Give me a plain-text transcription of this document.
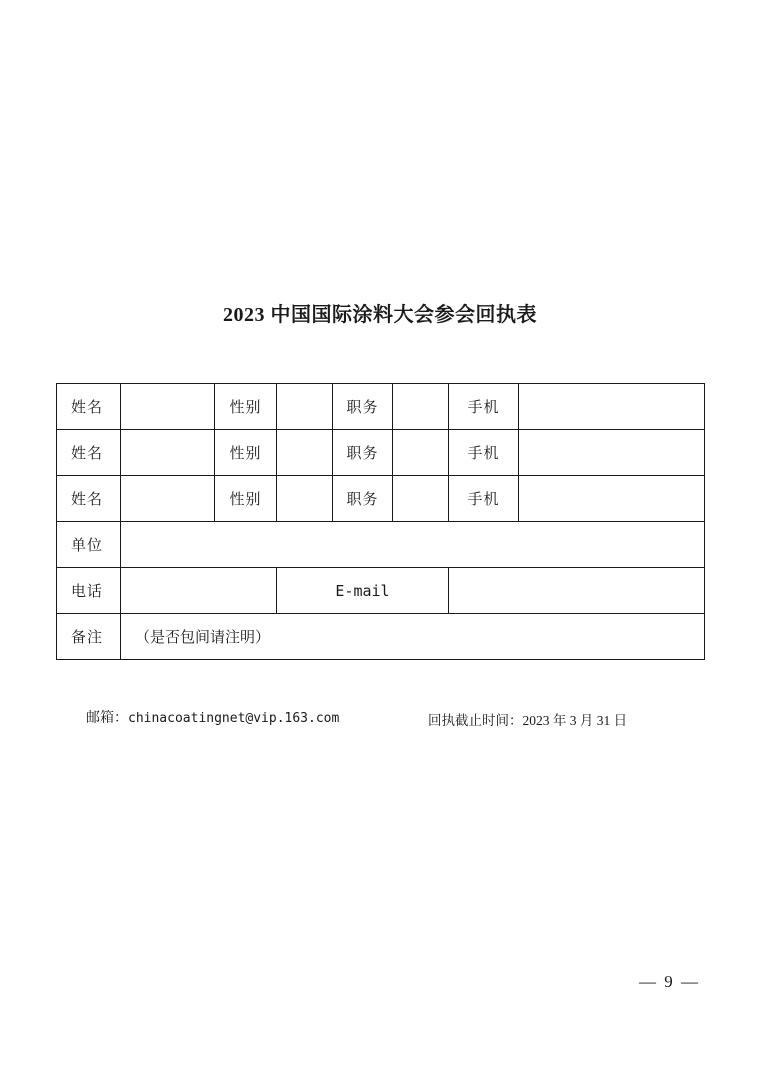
2023 中国国际涂料大会参会回执表
姓名		性别		职务		手机	
姓名		性别		职务		手机	
姓名		性别		职务		手机	
单位							
电话			E-mail				
备注	（是否包间请注明）						
邮箱：chinacoatingnet@vip.163.com	回执截止时间：2023 年 3 月 31 日
— 9 —
